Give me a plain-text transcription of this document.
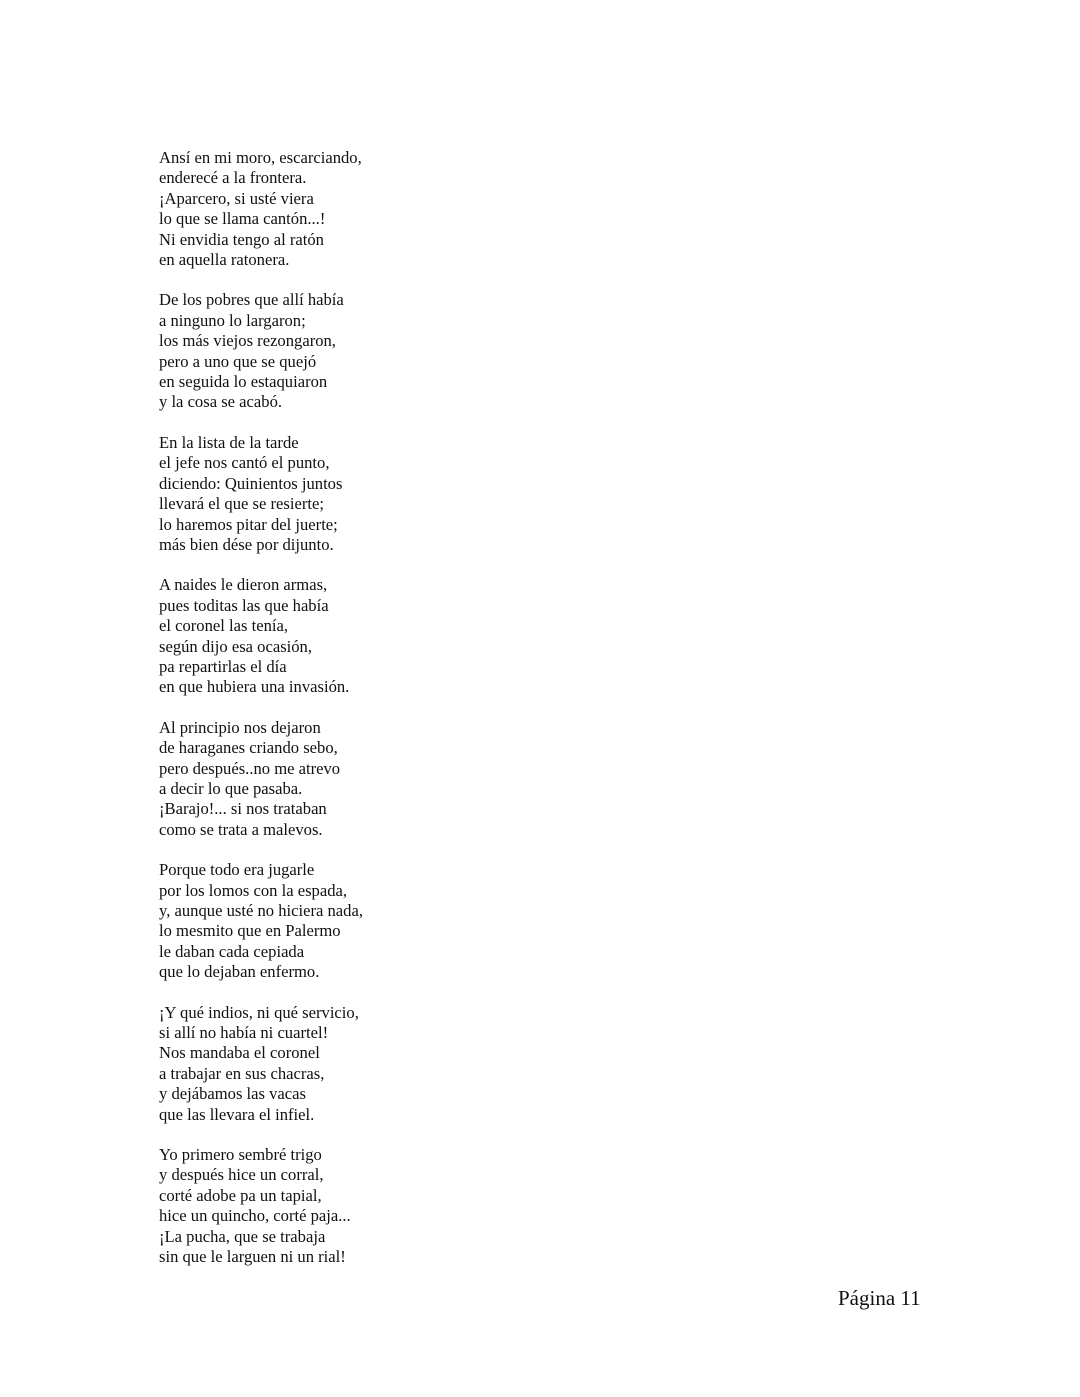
Ansí en mi moro, escarciando,
enderecé a la frontera.
¡Aparcero, si usté viera
lo que se llama cantón...!
Ni envidia tengo al ratón
en aquella ratonera.
De los pobres que allí había
a ninguno lo largaron;
los más viejos rezongaron,
pero a uno que se quejó
en seguida lo estaquiaron
y la cosa se acabó.
En la lista de la tarde
el jefe nos cantó el punto,
diciendo: Quinientos juntos
llevará el que se resierte;
lo haremos pitar del juerte;
más bien dése por dijunto.
A naides le dieron armas,
pues toditas las que había
el coronel las tenía,
según dijo esa ocasión,
pa repartirlas el día
en que hubiera una invasión.
Al principio nos dejaron
de haraganes criando sebo,
pero después..no me atrevo
a decir lo que pasaba.
¡Barajo!... si nos trataban
como se trata a malevos.
Porque todo era jugarle
por los lomos con la espada,
y, aunque usté no hiciera nada,
lo mesmito que en Palermo
le daban cada cepiada
que lo dejaban enfermo.
¡Y qué indios, ni qué servicio,
si allí no había ni cuartel!
Nos mandaba el coronel
a trabajar en sus chacras,
y dejábamos las vacas
que las llevara el infiel.
Yo primero sembré trigo
y después hice un corral,
corté adobe pa un tapial,
hice un quincho, corté paja...
¡La pucha, que se trabaja
sin que le larguen ni un rial!
Página 11
